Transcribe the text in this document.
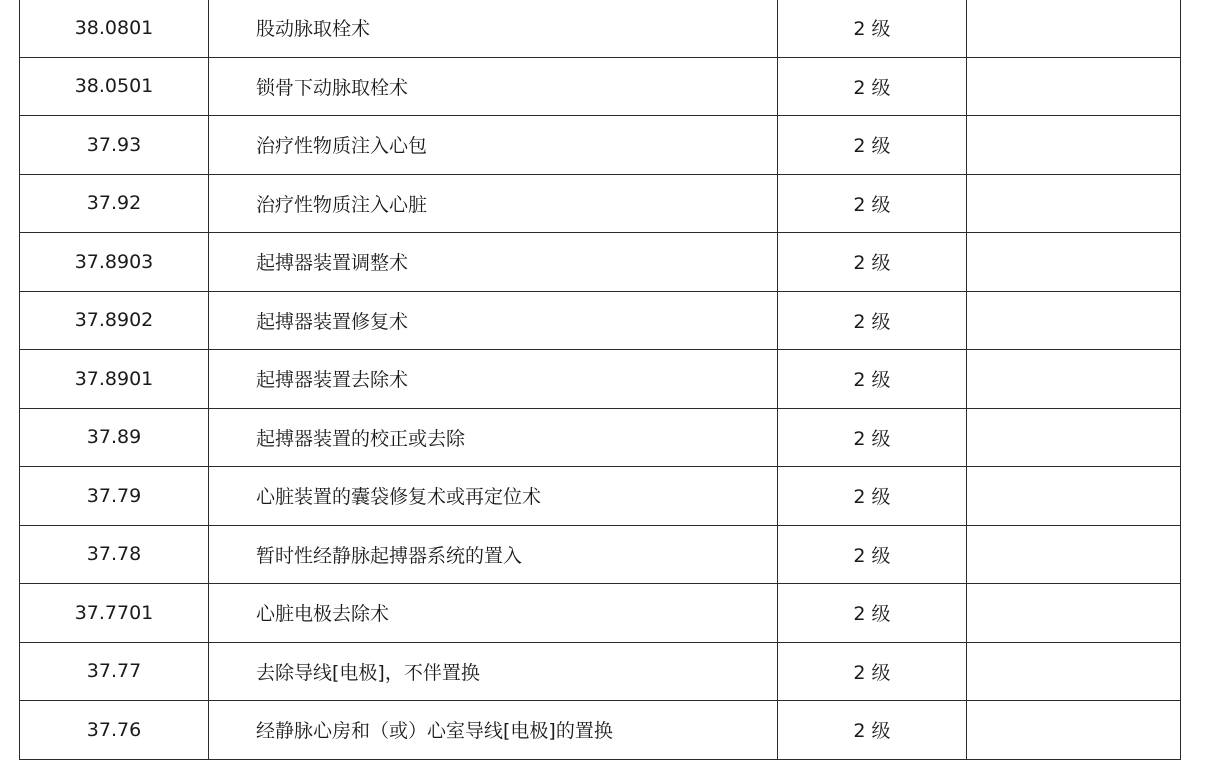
38.0801	股动脉取栓术	2 级	
38.0501	锁骨下动脉取栓术	2 级	
37.93	治疗性物质注入心包	2 级	
37.92	治疗性物质注入心脏	2 级	
37.8903	起搏器装置调整术	2 级	
37.8902	起搏器装置修复术	2 级	
37.8901	起搏器装置去除术	2 级	
37.89	起搏器装置的校正或去除	2 级	
37.79	心脏装置的囊袋修复术或再定位术	2 级	
37.78	暂时性经静脉起搏器系统的置入	2 级	
37.7701	心脏电极去除术	2 级	
37.77	去除导线[电极]，不伴置换	2 级	
37.76	经静脉心房和（或）心室导线[电极]的置换	2 级	
